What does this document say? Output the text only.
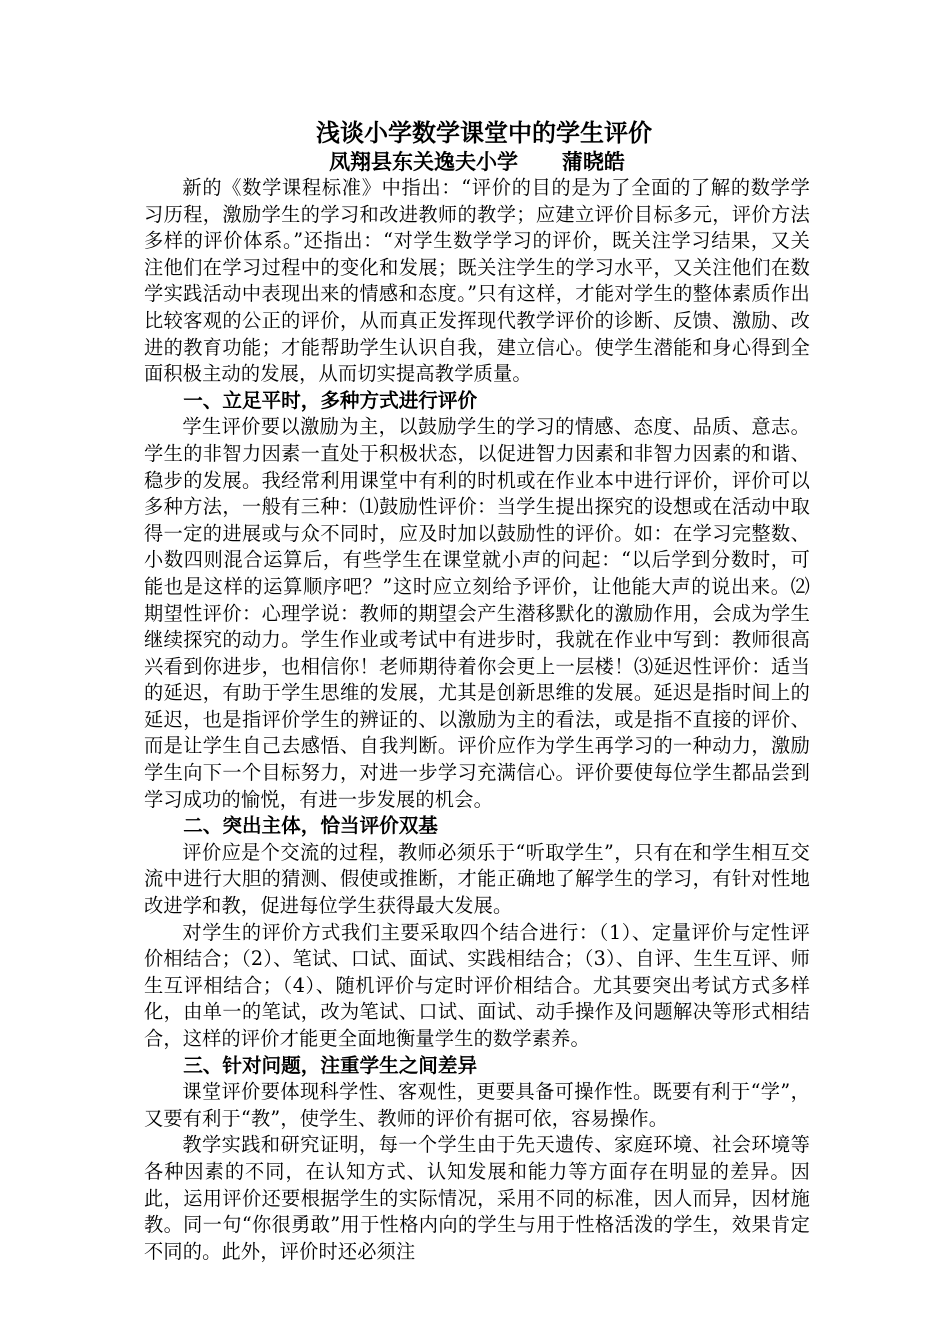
浅谈小学数学课堂中的学生评价
凤翔县东关逸夫小学      蒲晓皓

新的《数学课程标准》中指出：“评价的目的是为了全面的了解的数学学习历程，激励学生的学习和改进教师的教学；应建立评价目标多元，评价方法多样的评价体系。”还指出：“对学生数学学习的评价，既关注学习结果，又关注他们在学习过程中的变化和发展；既关注学生的学习水平，又关注他们在数学实践活动中表现出来的情感和态度。”只有这样，才能对学生的整体素质作出比较客观的公正的评价，从而真正发挥现代教学评价的诊断、反馈、激励、改进的教育功能；才能帮助学生认识自我，建立信心。使学生潜能和身心得到全面积极主动的发展，从而切实提高教学质量。

一、立足平时，多种方式进行评价

学生评价要以激励为主，以鼓励学生的学习的情感、态度、品质、意志。学生的非智力因素一直处于积极状态，以促进智力因素和非智力因素的和谐、稳步的发展。我经常利用课堂中有利的时机或在作业本中进行评价，评价可以多种方法，一般有三种：⑴鼓励性评价：当学生提出探究的设想或在活动中取得一定的进展或与众不同时，应及时加以鼓励性的评价。如：在学习完整数、小数四则混合运算后，有些学生在课堂就小声的问起：“以后学到分数时，可能也是这样的运算顺序吧？”这时应立刻给予评价，让他能大声的说出来。⑵期望性评价：心理学说：教师的期望会产生潜移默化的激励作用，会成为学生继续探究的动力。学生作业或考试中有进步时，我就在作业中写到：教师很高兴看到你进步，也相信你！老师期待着你会更上一层楼！⑶延迟性评价：适当的延迟，有助于学生思维的发展，尤其是创新思维的发展。延迟是指时间上的延迟，也是指评价学生的辨证的、以激励为主的看法，或是指不直接的评价、而是让学生自己去感悟、自我判断。评价应作为学生再学习的一种动力，激励学生向下一个目标努力，对进一步学习充满信心。评价要使每位学生都品尝到学习成功的愉悦，有进一步发展的机会。

二、突出主体，恰当评价双基

评价应是个交流的过程，教师必须乐于“听取学生”，只有在和学生相互交流中进行大胆的猜测、假使或推断，才能正确地了解学生的学习，有针对性地改进学和教，促进每位学生获得最大发展。

对学生的评价方式我们主要采取四个结合进行：（1）、定量评价与定性评价相结合；（2）、笔试、口试、面试、实践相结合；（3）、自评、生生互评、师生互评相结合；（4）、随机评价与定时评价相结合。尤其要突出考试方式多样化，由单一的笔试，改为笔试、口试、面试、动手操作及问题解决等形式相结合，这样的评价才能更全面地衡量学生的数学素养。

三、针对问题，注重学生之间差异

课堂评价要体现科学性、客观性，更要具备可操作性。既要有利于“学”，又要有利于“教”，使学生、教师的评价有据可依，容易操作。

教学实践和研究证明，每一个学生由于先天遗传、家庭环境、社会环境等各种因素的不同，在认知方式、认知发展和能力等方面存在明显的差异。因此，运用评价还要根据学生的实际情况，采用不同的标准，因人而异，因材施教。同一句“你很勇敢”用于性格内向的学生与用于性格活泼的学生，效果肯定不同的。此外，评价时还必须注
